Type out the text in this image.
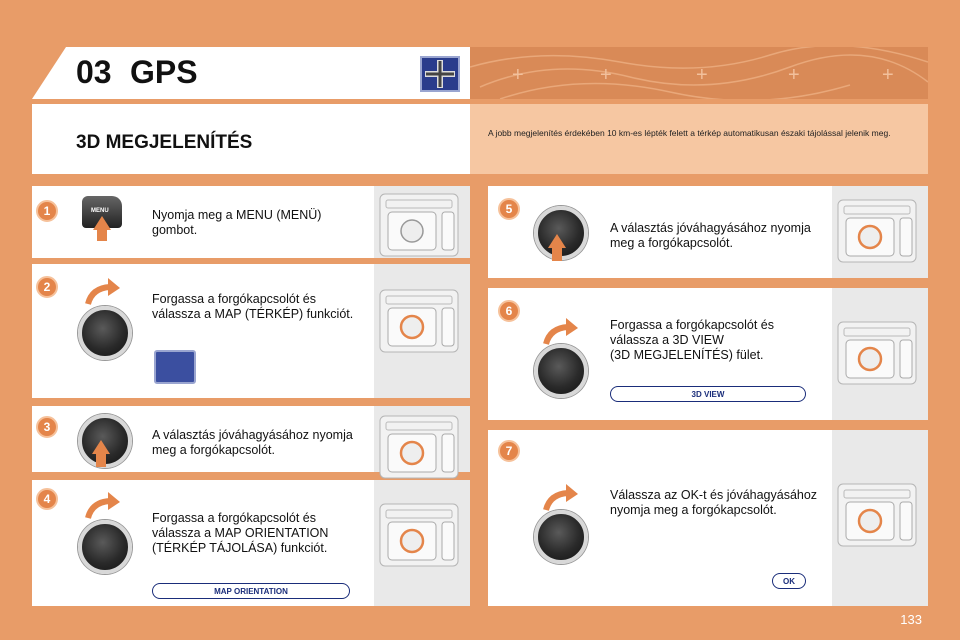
+	+	+	+	+
03 GPS
3D MEGJELENÍTÉS	A jobb megjelenítés érdekében 10 km-es lépték felett a térkép automatikusan északi tájolással jelenik meg.
1	MENU	Nyomja meg a MENU (MENÜ)
gombot.
2
Forgassa a forgókapcsolót és
válassza a MAP (TÉRKÉP) funkciót.
3
A választás jóváhagyásához nyomja
meg a forgókapcsolót.
4
Forgassa a forgókapcsolót és
válassza a MAP ORIENTATION
(TÉRKÉP TÁJOLÁSA) funkciót.
MAP ORIENTATION
5
A választás jóváhagyásához nyomja
meg a forgókapcsolót.
6
Forgassa a forgókapcsolót és
válassza a 3D VIEW
(3D MEGJELENÍTÉS) fület.
3D VIEW
7
Válassza az OK-t és jóváhagyásához
nyomja meg a forgókapcsolót.
OK
133
